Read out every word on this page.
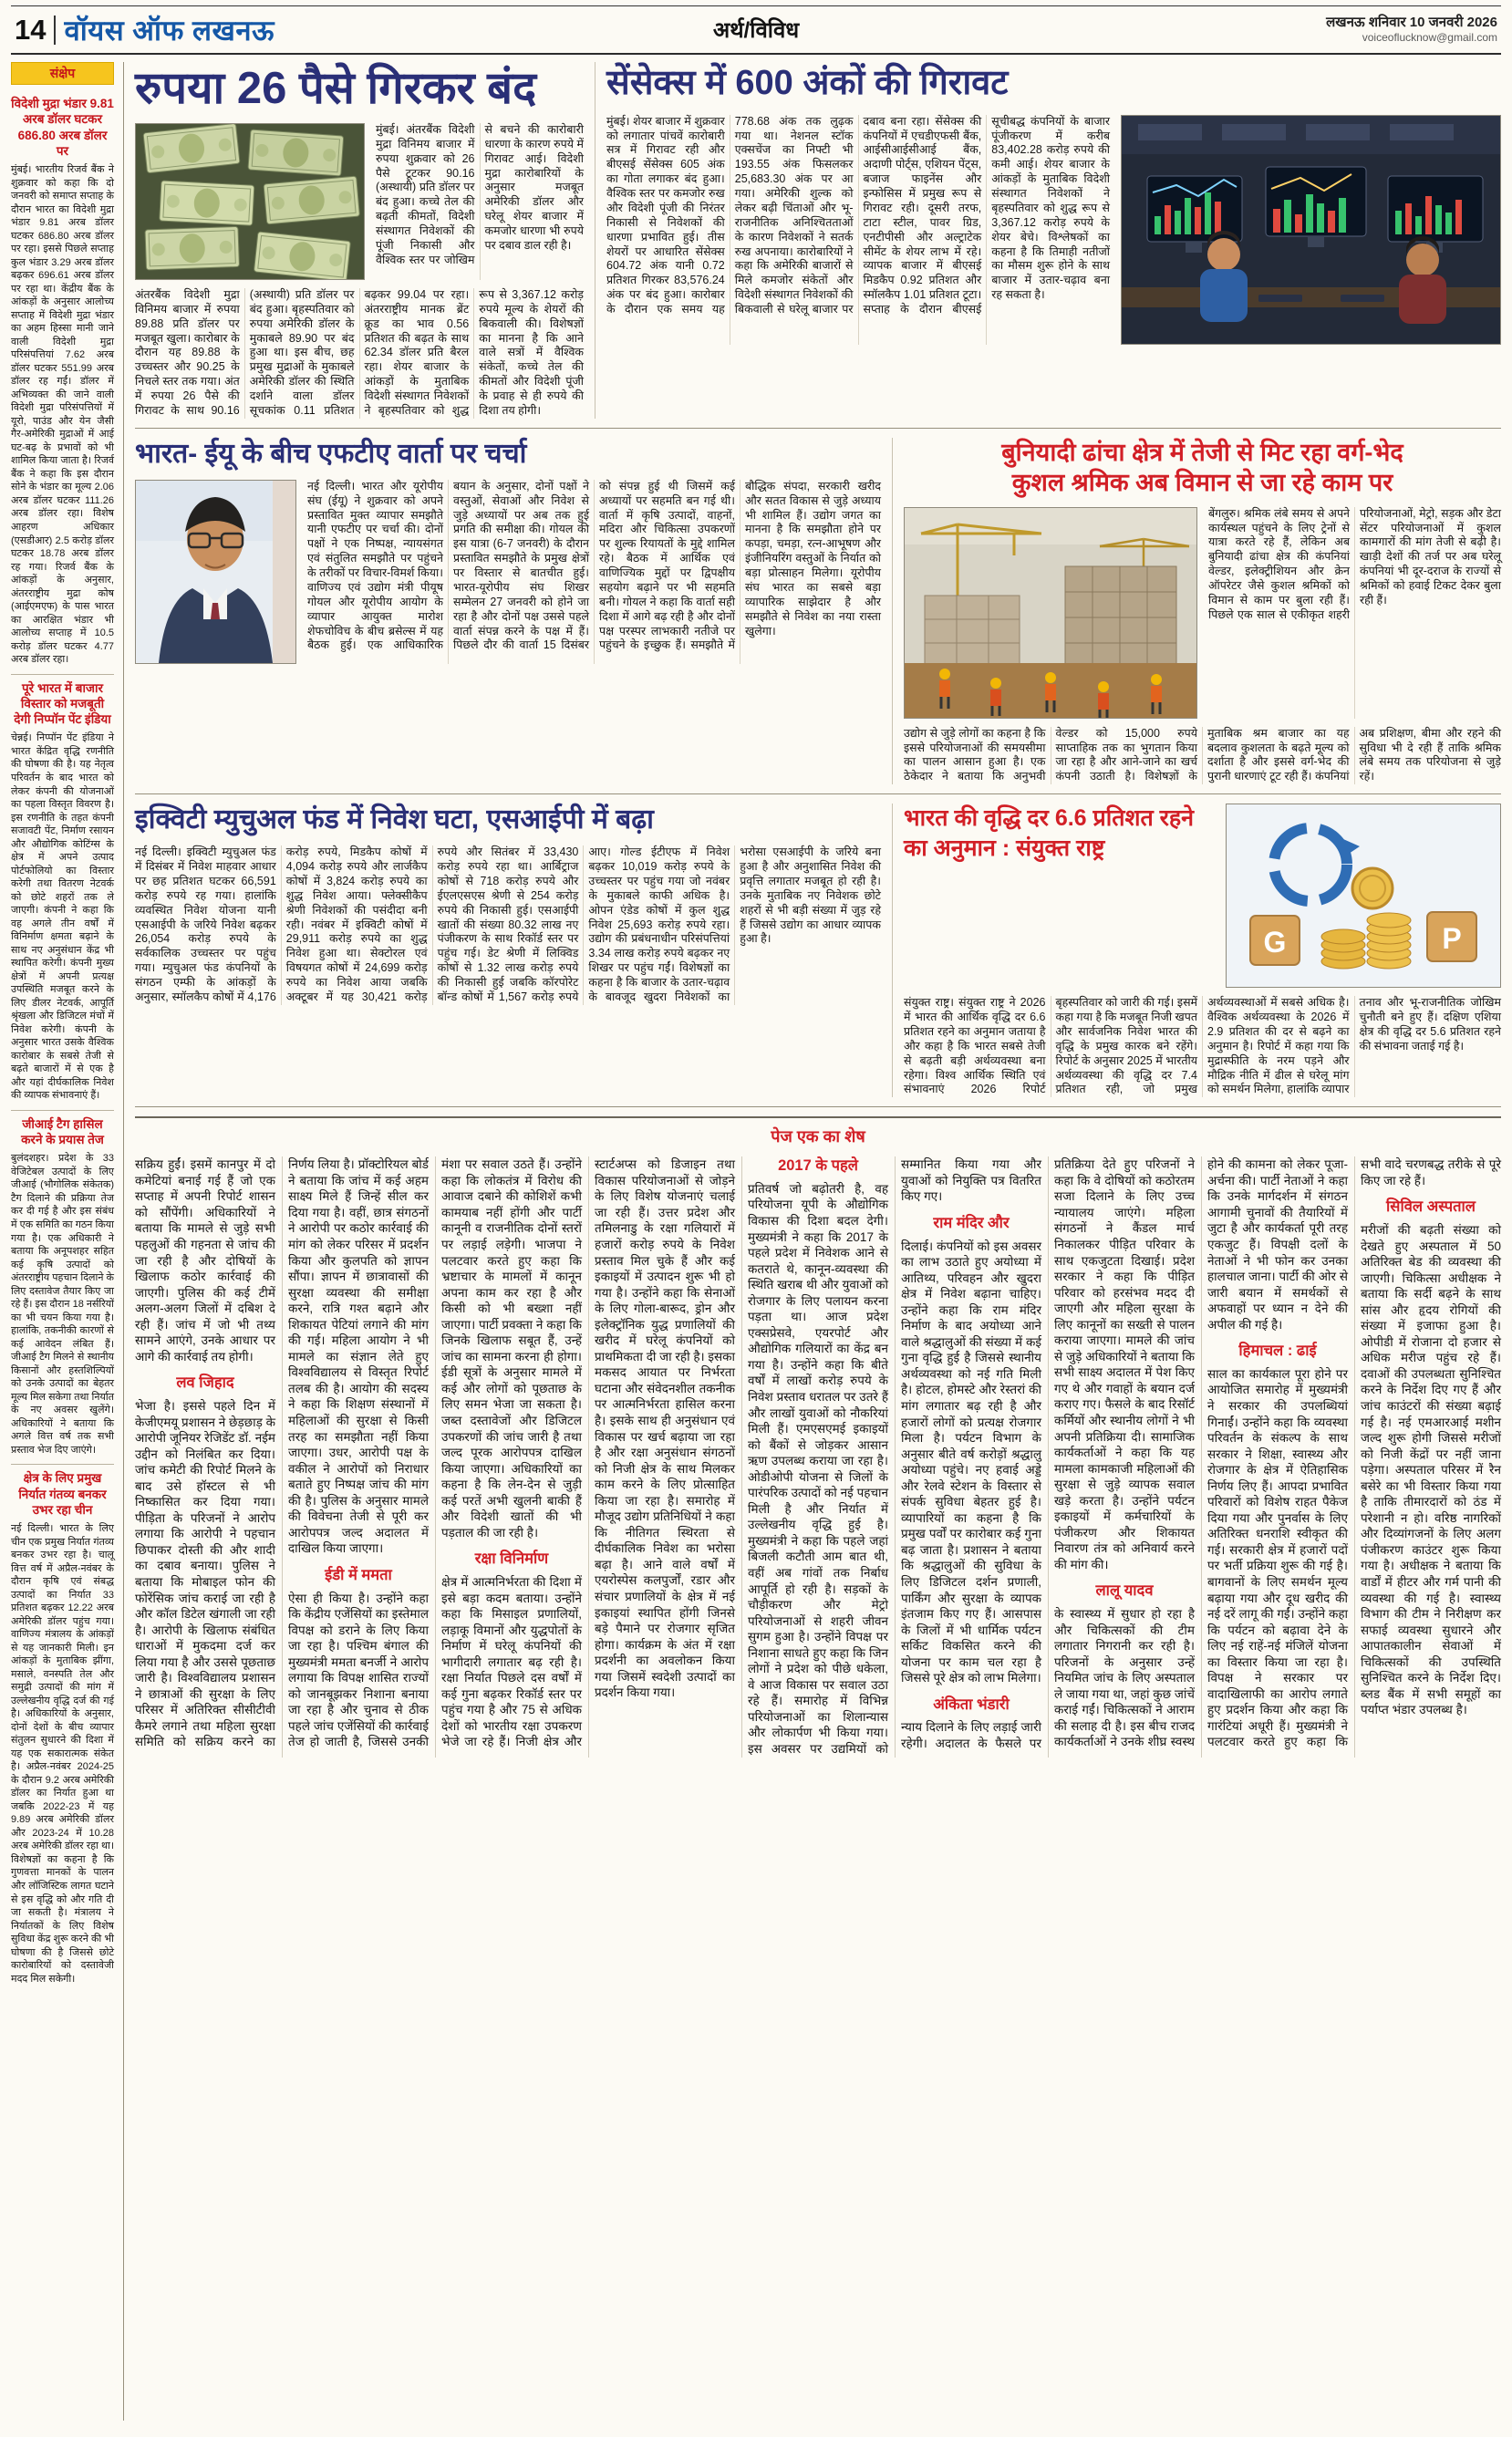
14 वॉयस ऑफ लखनऊ	अर्थ/विविध	लखनऊ शनिवार 10 जनवरी 2026
voiceoflucknow@gmail.com
संक्षेप
विदेशी मुद्रा भंडार 9.81 अरब डॉलर घटकर 686.80 अरब डॉलर पर

मुंबई। भारतीय रिजर्व बैंक ने शुक्रवार को कहा कि दो जनवरी को समाप्त सप्ताह के दौरान भारत का विदेशी मुद्रा भंडार 9.81 अरब डॉलर घटकर 686.80 अरब डॉलर पर रहा। इससे पिछले सप्ताह कुल भंडार 3.29 अरब डॉलर बढ़कर 696.61 अरब डॉलर पर रहा था। केंद्रीय बैंक के आंकड़ों के अनुसार आलोच्य सप्ताह में विदेशी मुद्रा भंडार का अहम हिस्सा मानी जाने वाली विदेशी मुद्रा परिसंपत्तियां 7.62 अरब डॉलर घटकर 551.99 अरब डॉलर रह गईं। डॉलर में अभिव्यक्त की जाने वाली विदेशी मुद्रा परिसंपत्तियों में यूरो, पाउंड और येन जैसी गैर-अमेरिकी मुद्राओं में आई घट-बढ़ के प्रभावों को भी शामिल किया जाता है। रिजर्व बैंक ने कहा कि इस दौरान सोने के भंडार का मूल्य 2.06 अरब डॉलर घटकर 111.26 अरब डॉलर रहा। विशेष आहरण अधिकार (एसडीआर) 2.5 करोड़ डॉलर घटकर 18.78 अरब डॉलर रह गया। रिजर्व बैंक के आंकड़ों के अनुसार, अंतरराष्ट्रीय मुद्रा कोष (आईएमएफ) के पास भारत का आरक्षित भंडार भी आलोच्य सप्ताह में 10.5 करोड़ डॉलर घटकर 4.77 अरब डॉलर रहा।

पूरे भारत में बाजार विस्तार को मजबूती देगी निप्पॉन पेंट इंडिया

चेन्नई। निप्पॉन पेंट इंडिया ने भारत केंद्रित वृद्धि रणनीति की घोषणा की है। यह नेतृत्व परिवर्तन के बाद भारत को लेकर कंपनी की योजनाओं का पहला विस्तृत विवरण है। इस रणनीति के तहत कंपनी सजावटी पेंट, निर्माण रसायन और औद्योगिक कोटिंग्स के क्षेत्र में अपने उत्पाद पोर्टफोलियो का विस्तार करेगी तथा वितरण नेटवर्क को छोटे शहरों तक ले जाएगी। कंपनी ने कहा कि वह अगले तीन वर्षों में विनिर्माण क्षमता बढ़ाने के साथ नए अनुसंधान केंद्र भी स्थापित करेगी। कंपनी मुख्य क्षेत्रों में अपनी प्रत्यक्ष उपस्थिति मजबूत करने के लिए डीलर नेटवर्क, आपूर्ति श्रृंखला और डिजिटल मंचों में निवेश करेगी। कंपनी के अनुसार भारत उसके वैश्विक कारोबार के सबसे तेजी से बढ़ते बाजारों में से एक है और यहां दीर्घकालिक निवेश की व्यापक संभावनाएं हैं।

जीआई टैग हासिल करने के प्रयास तेज

बुलंदशहर। प्रदेश के 33 वेजिटेबल उत्पादों के लिए जीआई (भौगोलिक संकेतक) टैग दिलाने की प्रक्रिया तेज कर दी गई है और इस संबंध में एक समिति का गठन किया गया है। एक अधिकारी ने बताया कि अनूपशहर सहित कई कृषि उत्पादों को अंतरराष्ट्रीय पहचान दिलाने के लिए दस्तावेज तैयार किए जा रहे हैं। इस दौरान 18 नर्सरियों का भी चयन किया गया है। हालांकि, तकनीकी कारणों से कई आवेदन लंबित हैं। जीआई टैग मिलने से स्थानीय किसानों और हस्तशिल्पियों को उनके उत्पादों का बेहतर मूल्य मिल सकेगा तथा निर्यात के नए अवसर खुलेंगे। अधिकारियों ने बताया कि अगले वित्त वर्ष तक सभी प्रस्ताव भेज दिए जाएंगे।

क्षेत्र के लिए प्रमुख निर्यात गंतव्य बनकर उभर रहा चीन

नई दिल्ली। भारत के लिए चीन एक प्रमुख निर्यात गंतव्य बनकर उभर रहा है। चालू वित्त वर्ष में अप्रैल-नवंबर के दौरान कृषि एवं संबद्ध उत्पादों का निर्यात 33 प्रतिशत बढ़कर 12.22 अरब अमेरिकी डॉलर पहुंच गया। वाणिज्य मंत्रालय के आंकड़ों से यह जानकारी मिली। इन आंकड़ों के मुताबिक झींगा, मसाले, वनस्पति तेल और समुद्री उत्पादों की मांग में उल्लेखनीय वृद्धि दर्ज की गई है। अधिकारियों के अनुसार, दोनों देशों के बीच व्यापार संतुलन सुधारने की दिशा में यह एक सकारात्मक संकेत है। अप्रैल-नवंबर 2024-25 के दौरान 9.2 अरब अमेरिकी डॉलर का निर्यात हुआ था जबकि 2022-23 में यह 9.89 अरब अमेरिकी डॉलर और 2023-24 में 10.28 अरब अमेरिकी डॉलर रहा था। विशेषज्ञों का कहना है कि गुणवत्ता मानकों के पालन और लॉजिस्टिक लागत घटाने से इस वृद्धि को और गति दी जा सकती है। मंत्रालय ने निर्यातकों के लिए विशेष सुविधा केंद्र शुरू करने की भी घोषणा की है जिससे छोटे कारोबारियों को दस्तावेजी मदद मिल सकेगी।

रुपया 26 पैसे गिरकर बंद
मुंबई। अंतरबैंक विदेशी मुद्रा विनिमय बाजार में रुपया शुक्रवार को 26 पैसे टूटकर 90.16 (अस्थायी) प्रति डॉलर पर बंद हुआ। कच्चे तेल की बढ़ती कीमतों, विदेशी संस्थागत निवेशकों की पूंजी निकासी और वैश्विक स्तर पर जोखिम से बचने की कारोबारी धारणा के कारण रुपये में गिरावट आई। विदेशी मुद्रा कारोबारियों के अनुसार मजबूत अमेरिकी डॉलर और घरेलू शेयर बाजार में कमजोर धारणा भी रुपये पर दबाव डाल रही है।
अंतरबैंक विदेशी मुद्रा विनिमय बाजार में रुपया 89.88 प्रति डॉलर पर मजबूत खुला। कारोबार के दौरान यह 89.88 के उच्चस्तर और 90.25 के निचले स्तर तक गया। अंत में रुपया 26 पैसे की गिरावट के साथ 90.16 (अस्थायी) प्रति डॉलर पर बंद हुआ। बृहस्पतिवार को रुपया अमेरिकी डॉलर के मुकाबले 89.90 पर बंद हुआ था। इस बीच, छह प्रमुख मुद्राओं के मुकाबले अमेरिकी डॉलर की स्थिति दर्शाने वाला डॉलर सूचकांक 0.11 प्रतिशत बढ़कर 99.04 पर रहा। अंतरराष्ट्रीय मानक ब्रेंट क्रूड का भाव 0.56 प्रतिशत की बढ़त के साथ 62.34 डॉलर प्रति बैरल रहा। शेयर बाजार के आंकड़ों के मुताबिक विदेशी संस्थागत निवेशकों ने बृहस्पतिवार को शुद्ध रूप से 3,367.12 करोड़ रुपये मूल्य के शेयरों की बिकवाली की। विशेषज्ञों का मानना है कि आने वाले सत्रों में वैश्विक संकेतों, कच्चे तेल की कीमतों और विदेशी पूंजी के प्रवाह से ही रुपये की दिशा तय होगी।
सेंसेक्स में 600 अंकों की गिरावट
मुंबई। शेयर बाजार में शुक्रवार को लगातार पांचवें कारोबारी सत्र में गिरावट रही और बीएसई सेंसेक्स 605 अंक का गोता लगाकर बंद हुआ। वैश्विक स्तर पर कमजोर रुख और विदेशी पूंजी की निरंतर निकासी से निवेशकों की धारणा प्रभावित हुई। तीस शेयरों पर आधारित सेंसेक्स 604.72 अंक यानी 0.72 प्रतिशत गिरकर 83,576.24 अंक पर बंद हुआ। कारोबार के दौरान एक समय यह 778.68 अंक तक लुढ़क गया था। नेशनल स्टॉक एक्सचेंज का निफ्टी भी 193.55 अंक फिसलकर 25,683.30 अंक पर आ गया। अमेरिकी शुल्क को लेकर बढ़ी चिंताओं और भू-राजनीतिक अनिश्चितताओं के कारण निवेशकों ने सतर्क रुख अपनाया। कारोबारियों ने कहा कि अमेरिकी बाजारों से मिले कमजोर संकेतों और विदेशी संस्थागत निवेशकों की बिकवाली से घरेलू बाजार पर दबाव बना रहा। सेंसेक्स की कंपनियों में एचडीएफसी बैंक, आईसीआईसीआई बैंक, अदाणी पोर्ट्स, एशियन पेंट्स, बजाज फाइनेंस और इन्फोसिस में प्रमुख रूप से गिरावट रही। दूसरी तरफ, टाटा स्टील, पावर ग्रिड, एनटीपीसी और अल्ट्राटेक सीमेंट के शेयर लाभ में रहे। व्यापक बाजार में बीएसई मिडकैप 0.92 प्रतिशत और स्मॉलकैप 1.01 प्रतिशत टूटा। सप्ताह के दौरान बीएसई सूचीबद्ध कंपनियों के बाजार पूंजीकरण में करीब 83,402.28 करोड़ रुपये की कमी आई। शेयर बाजार के आंकड़ों के मुताबिक विदेशी संस्थागत निवेशकों ने बृहस्पतिवार को शुद्ध रूप से 3,367.12 करोड़ रुपये के शेयर बेचे। विश्लेषकों का कहना है कि तिमाही नतीजों का मौसम शुरू होने के साथ बाजार में उतार-चढ़ाव बना रह सकता है।
भारत- ईयू के बीच एफटीए वार्ता पर चर्चा
नई दिल्ली। भारत और यूरोपीय संघ (ईयू) ने शुक्रवार को अपने प्रस्तावित मुक्त व्यापार समझौते यानी एफटीए पर चर्चा की। दोनों पक्षों ने एक निष्पक्ष, न्यायसंगत एवं संतुलित समझौते पर पहुंचने के तरीकों पर विचार-विमर्श किया। वाणिज्य एवं उद्योग मंत्री पीयूष गोयल और यूरोपीय आयोग के व्यापार आयुक्त मारोश शेफचोविच के बीच ब्रसेल्स में यह बैठक हुई। एक आधिकारिक बयान के अनुसार, दोनों पक्षों ने वस्तुओं, सेवाओं और निवेश से जुड़े अध्यायों पर अब तक हुई प्रगति की समीक्षा की। गोयल की इस यात्रा (6-7 जनवरी) के दौरान प्रस्तावित समझौते के प्रमुख क्षेत्रों पर विस्तार से बातचीत हुई। भारत-यूरोपीय संघ शिखर सम्मेलन 27 जनवरी को होने जा रहा है और दोनों पक्ष उससे पहले वार्ता संपन्न करने के पक्ष में हैं। पिछले दौर की वार्ता 15 दिसंबर को संपन्न हुई थी जिसमें कई अध्यायों पर सहमति बन गई थी। वार्ता में कृषि उत्पादों, वाहनों, मदिरा और चिकित्सा उपकरणों पर शुल्क रियायतों के मुद्दे शामिल रहे। बैठक में आर्थिक एवं वाणिज्यिक मुद्दों पर द्विपक्षीय सहयोग बढ़ाने पर भी सहमति बनी। गोयल ने कहा कि वार्ता सही दिशा में आगे बढ़ रही है और दोनों पक्ष परस्पर लाभकारी नतीजे पर पहुंचने के इच्छुक हैं। समझौते में बौद्धिक संपदा, सरकारी खरीद और सतत विकास से जुड़े अध्याय भी शामिल हैं। उद्योग जगत का मानना है कि समझौता होने पर कपड़ा, चमड़ा, रत्न-आभूषण और इंजीनियरिंग वस्तुओं के निर्यात को बड़ा प्रोत्साहन मिलेगा। यूरोपीय संघ भारत का सबसे बड़ा व्यापारिक साझेदार है और समझौते से निवेश का नया रास्ता खुलेगा।
बुनियादी ढांचा क्षेत्र में तेजी से मिट रहा वर्ग-भेद
कुशल श्रमिक अब विमान से जा रहे काम पर
बेंगलुरु। श्रमिक लंबे समय से अपने कार्यस्थल पहुंचने के लिए ट्रेनों से यात्रा करते रहे हैं, लेकिन अब बुनियादी ढांचा क्षेत्र की कंपनियां वेल्डर, इलेक्ट्रीशियन और क्रेन ऑपरेटर जैसे कुशल श्रमिकों को विमान से काम पर बुला रही हैं। पिछले एक साल से एकीकृत शहरी परियोजनाओं, मेट्रो, सड़क और डेटा सेंटर परियोजनाओं में कुशल कामगारों की मांग तेजी से बढ़ी है। खाड़ी देशों की तर्ज पर अब घरेलू कंपनियां भी दूर-दराज के राज्यों से श्रमिकों को हवाई टिकट देकर बुला रही हैं।
उद्योग से जुड़े लोगों का कहना है कि इससे परियोजनाओं की समयसीमा का पालन आसान हुआ है। एक ठेकेदार ने बताया कि अनुभवी वेल्डर को 15,000 रुपये साप्ताहिक तक का भुगतान किया जा रहा है और आने-जाने का खर्च कंपनी उठाती है। विशेषज्ञों के मुताबिक श्रम बाजार का यह बदलाव कुशलता के बढ़ते मूल्य को दर्शाता है और इससे वर्ग-भेद की पुरानी धारणाएं टूट रही हैं। कंपनियां अब प्रशिक्षण, बीमा और रहने की सुविधा भी दे रही हैं ताकि श्रमिक लंबे समय तक परियोजना से जुड़े रहें।
इक्विटी म्युचुअल फंड में निवेश घटा, एसआईपी में बढ़ा
नई दिल्ली। इक्विटी म्युचुअल फंड में दिसंबर में निवेश माहवार आधार पर छह प्रतिशत घटकर 66,591 करोड़ रुपये रह गया। हालांकि व्यवस्थित निवेश योजना यानी एसआईपी के जरिये निवेश बढ़कर 26,054 करोड़ रुपये के सर्वकालिक उच्चस्तर पर पहुंच गया। म्युचुअल फंड कंपनियों के संगठन एम्फी के आंकड़ों के अनुसार, स्मॉलकैप कोषों में 4,176 करोड़ रुपये, मिडकैप कोषों में 4,094 करोड़ रुपये और लार्जकैप कोषों में 3,824 करोड़ रुपये का शुद्ध निवेश आया। फ्लेक्सीकैप श्रेणी निवेशकों की पसंदीदा बनी रही। नवंबर में इक्विटी कोषों में 29,911 करोड़ रुपये का शुद्ध निवेश हुआ था। सेक्टोरल एवं विषयगत कोषों में 24,699 करोड़ रुपये का निवेश आया जबकि अक्टूबर में यह 30,421 करोड़ रुपये और सितंबर में 33,430 करोड़ रुपये रहा था। आर्बिट्राज कोषों से 718 करोड़ रुपये और ईएलएसएस श्रेणी से 254 करोड़ रुपये की निकासी हुई। एसआईपी खातों की संख्या 80.32 लाख नए पंजीकरण के साथ रिकॉर्ड स्तर पर पहुंच गई। डेट श्रेणी में लिक्विड कोषों से 1.32 लाख करोड़ रुपये की निकासी हुई जबकि कॉरपोरेट बॉन्ड कोषों में 1,567 करोड़ रुपये आए। गोल्ड ईटीएफ में निवेश बढ़कर 10,019 करोड़ रुपये के उच्चस्तर पर पहुंच गया जो नवंबर के मुकाबले काफी अधिक है। ओपन एंडेड कोषों में कुल शुद्ध निवेश 25,693 करोड़ रुपये रहा। उद्योग की प्रबंधनाधीन परिसंपत्तियां 3.34 लाख करोड़ रुपये बढ़कर नए शिखर पर पहुंच गईं। विशेषज्ञों का कहना है कि बाजार के उतार-चढ़ाव के बावजूद खुदरा निवेशकों का भरोसा एसआईपी के जरिये बना हुआ है और अनुशासित निवेश की प्रवृत्ति लगातार मजबूत हो रही है। उनके मुताबिक नए निवेशक छोटे शहरों से भी बड़ी संख्या में जुड़ रहे हैं जिससे उद्योग का आधार व्यापक हुआ है।
भारत की वृद्धि दर 6.6 प्रतिशत रहने का अनुमान : संयुक्त राष्ट्र
G	P
संयुक्त राष्ट्र। संयुक्त राष्ट्र ने 2026 में भारत की आर्थिक वृद्धि दर 6.6 प्रतिशत रहने का अनुमान जताया है और कहा है कि भारत सबसे तेजी से बढ़ती बड़ी अर्थव्यवस्था बना रहेगा। विश्व आर्थिक स्थिति एवं संभावनाएं 2026 रिपोर्ट बृहस्पतिवार को जारी की गई। इसमें कहा गया है कि मजबूत निजी खपत और सार्वजनिक निवेश भारत की वृद्धि के प्रमुख कारक बने रहेंगे। रिपोर्ट के अनुसार 2025 में भारतीय अर्थव्यवस्था की वृद्धि दर 7.4 प्रतिशत रही, जो प्रमुख अर्थव्यवस्थाओं में सबसे अधिक है। वैश्विक अर्थव्यवस्था के 2026 में 2.9 प्रतिशत की दर से बढ़ने का अनुमान है। रिपोर्ट में कहा गया कि मुद्रास्फीति के नरम पड़ने और मौद्रिक नीति में ढील से घरेलू मांग को समर्थन मिलेगा, हालांकि व्यापार तनाव और भू-राजनीतिक जोखिम चुनौती बने हुए हैं। दक्षिण एशिया क्षेत्र की वृद्धि दर 5.6 प्रतिशत रहने की संभावना जताई गई है।
पेज एक का शेष

सक्रिय हुईं। इसमें कानपुर में दो कमेटियां बनाई गई हैं जो एक सप्ताह में अपनी रिपोर्ट शासन को सौंपेंगी। अधिकारियों ने बताया कि मामले से जुड़े सभी पहलुओं की गहनता से जांच की जा रही है और दोषियों के खिलाफ कठोर कार्रवाई की जाएगी। पुलिस की कई टीमें अलग-अलग जिलों में दबिश दे रही हैं। जांच में जो भी तथ्य सामने आएंगे, उनके आधार पर आगे की कार्रवाई तय होगी।

लव जिहाद

भेजा है। इससे पहले दिन में केजीएमयू प्रशासन ने छेड़छाड़ के आरोपी जूनियर रेजिडेंट डॉ. नईम उद्दीन को निलंबित कर दिया। जांच कमेटी की रिपोर्ट मिलने के बाद उसे हॉस्टल से भी निष्कासित कर दिया गया। पीड़िता के परिजनों ने आरोप लगाया कि आरोपी ने पहचान छिपाकर दोस्ती की और शादी का दबाव बनाया। पुलिस ने बताया कि मोबाइल फोन की फोरेंसिक जांच कराई जा रही है और कॉल डिटेल खंगाली जा रही है। आरोपी के खिलाफ संबंधित धाराओं में मुकदमा दर्ज कर लिया गया है और उससे पूछताछ जारी है। विश्वविद्यालय प्रशासन ने छात्राओं की सुरक्षा के लिए परिसर में अतिरिक्त सीसीटीवी कैमरे लगाने तथा महिला सुरक्षा समिति को सक्रिय करने का निर्णय लिया है। प्रॉक्टोरियल बोर्ड ने बताया कि जांच में कई अहम साक्ष्य मिले हैं जिन्हें सील कर दिया गया है। वहीं, छात्र संगठनों ने आरोपी पर कठोर कार्रवाई की मांग को लेकर परिसर में प्रदर्शन किया और कुलपति को ज्ञापन सौंपा। ज्ञापन में छात्रावासों की सुरक्षा व्यवस्था की समीक्षा करने, रात्रि गश्त बढ़ाने और शिकायत पेटियां लगाने की मांग की गई। महिला आयोग ने भी मामले का संज्ञान लेते हुए विश्वविद्यालय से विस्तृत रिपोर्ट तलब की है। आयोग की सदस्य ने कहा कि शिक्षण संस्थानों में महिलाओं की सुरक्षा से किसी तरह का समझौता नहीं किया जाएगा। उधर, आरोपी पक्ष के वकील ने आरोपों को निराधार बताते हुए निष्पक्ष जांच की मांग की है। पुलिस के अनुसार मामले की विवेचना तेजी से पूरी कर आरोपपत्र जल्द अदालत में दाखिल किया जाएगा।

ईडी में ममता

ऐसा ही किया है। उन्होंने कहा कि केंद्रीय एजेंसियों का इस्तेमाल विपक्ष को डराने के लिए किया जा रहा है। पश्चिम बंगाल की मुख्यमंत्री ममता बनर्जी ने आरोप लगाया कि विपक्ष शासित राज्यों को जानबूझकर निशाना बनाया जा रहा है और चुनाव से ठीक पहले जांच एजेंसियों की कार्रवाई तेज हो जाती है, जिससे उनकी मंशा पर सवाल उठते हैं। उन्होंने कहा कि लोकतंत्र में विरोध की आवाज दबाने की कोशिशें कभी कामयाब नहीं होंगी और पार्टी कानूनी व राजनीतिक दोनों स्तरों पर लड़ाई लड़ेगी। भाजपा ने पलटवार करते हुए कहा कि भ्रष्टाचार के मामलों में कानून अपना काम कर रहा है और किसी को भी बख्शा नहीं जाएगा। पार्टी प्रवक्ता ने कहा कि जिनके खिलाफ सबूत हैं, उन्हें जांच का सामना करना ही होगा। ईडी सूत्रों के अनुसार मामले में कई और लोगों को पूछताछ के लिए समन भेजा जा सकता है। जब्त दस्तावेजों और डिजिटल उपकरणों की जांच जारी है तथा जल्द पूरक आरोपपत्र दाखिल किया जाएगा। अधिकारियों का कहना है कि लेन-देन से जुड़ी कई परतें अभी खुलनी बाकी हैं और विदेशी खातों की भी पड़ताल की जा रही है।

रक्षा विनिर्माण

क्षेत्र में आत्मनिर्भरता की दिशा में इसे बड़ा कदम बताया। उन्होंने कहा कि मिसाइल प्रणालियों, लड़ाकू विमानों और युद्धपोतों के निर्माण में घरेलू कंपनियों की भागीदारी लगातार बढ़ रही है। रक्षा निर्यात पिछले दस वर्षों में कई गुना बढ़कर रिकॉर्ड स्तर पर पहुंच गया है और 75 से अधिक देशों को भारतीय रक्षा उपकरण भेजे जा रहे हैं। निजी क्षेत्र और स्टार्टअप्स को डिजाइन तथा विकास परियोजनाओं से जोड़ने के लिए विशेष योजनाएं चलाई जा रही हैं। उत्तर प्रदेश और तमिलनाडु के रक्षा गलियारों में हजारों करोड़ रुपये के निवेश प्रस्ताव मिल चुके हैं और कई इकाइयों में उत्पादन शुरू भी हो गया है। उन्होंने कहा कि सेनाओं के लिए गोला-बारूद, ड्रोन और इलेक्ट्रॉनिक युद्ध प्रणालियों की खरीद में घरेलू कंपनियों को प्राथमिकता दी जा रही है। इसका मकसद आयात पर निर्भरता घटाना और संवेदनशील तकनीक पर आत्मनिर्भरता हासिल करना है। इसके साथ ही अनुसंधान एवं विकास पर खर्च बढ़ाया जा रहा है और रक्षा अनुसंधान संगठनों को निजी क्षेत्र के साथ मिलकर काम करने के लिए प्रोत्साहित किया जा रहा है। समारोह में मौजूद उद्योग प्रतिनिधियों ने कहा कि नीतिगत स्थिरता से दीर्घकालिक निवेश का भरोसा बढ़ा है। आने वाले वर्षों में एयरोस्पेस कलपुर्जों, रडार और संचार प्रणालियों के क्षेत्र में नई इकाइयां स्थापित होंगी जिनसे बड़े पैमाने पर रोजगार सृजित होगा। कार्यक्रम के अंत में रक्षा प्रदर्शनी का अवलोकन किया गया जिसमें स्वदेशी उत्पादों का प्रदर्शन किया गया।

2017 के पहले

प्रतिवर्ष जो बढ़ोतरी है, वह परियोजना यूपी के औद्योगिक विकास की दिशा बदल देगी। मुख्यमंत्री ने कहा कि 2017 के पहले प्रदेश में निवेशक आने से कतराते थे, कानून-व्यवस्था की स्थिति खराब थी और युवाओं को रोजगार के लिए पलायन करना पड़ता था। आज प्रदेश एक्सप्रेसवे, एयरपोर्ट और औद्योगिक गलियारों का केंद्र बन गया है। उन्होंने कहा कि बीते वर्षों में लाखों करोड़ रुपये के निवेश प्रस्ताव धरातल पर उतरे हैं और लाखों युवाओं को नौकरियां मिली हैं। एमएसएमई इकाइयों को बैंकों से जोड़कर आसान ऋण उपलब्ध कराया जा रहा है। ओडीओपी योजना से जिलों के पारंपरिक उत्पादों को नई पहचान मिली है और निर्यात में उल्लेखनीय वृद्धि हुई है। मुख्यमंत्री ने कहा कि पहले जहां बिजली कटौती आम बात थी, वहीं अब गांवों तक निर्बाध आपूर्ति हो रही है। सड़कों के चौड़ीकरण और मेट्रो परियोजनाओं से शहरी जीवन सुगम हुआ है। उन्होंने विपक्ष पर निशाना साधते हुए कहा कि जिन लोगों ने प्रदेश को पीछे धकेला, वे आज विकास पर सवाल उठा रहे हैं। समारोह में विभिन्न परियोजनाओं का शिलान्यास और लोकार्पण भी किया गया। इस अवसर पर उद्यमियों को सम्मानित किया गया और युवाओं को नियुक्ति पत्र वितरित किए गए।

राम मंदिर और

दिलाई। कंपनियों को इस अवसर का लाभ उठाते हुए अयोध्या में आतिथ्य, परिवहन और खुदरा क्षेत्र में निवेश बढ़ाना चाहिए। उन्होंने कहा कि राम मंदिर निर्माण के बाद अयोध्या आने वाले श्रद्धालुओं की संख्या में कई गुना वृद्धि हुई है जिससे स्थानीय अर्थव्यवस्था को नई गति मिली है। होटल, होमस्टे और रेस्तरां की मांग लगातार बढ़ रही है और हजारों लोगों को प्रत्यक्ष रोजगार मिला है। पर्यटन विभाग के अनुसार बीते वर्ष करोड़ों श्रद्धालु अयोध्या पहुंचे। नए हवाई अड्डे और रेलवे स्टेशन के विस्तार से संपर्क सुविधा बेहतर हुई है। व्यापारियों का कहना है कि प्रमुख पर्वों पर कारोबार कई गुना बढ़ जाता है। प्रशासन ने बताया कि श्रद्धालुओं की सुविधा के लिए डिजिटल दर्शन प्रणाली, पार्किंग और सुरक्षा के व्यापक इंतजाम किए गए हैं। आसपास के जिलों में भी धार्मिक पर्यटन सर्किट विकसित करने की योजना पर काम चल रहा है जिससे पूरे क्षेत्र को लाभ मिलेगा।

अंकिता भंडारी

न्याय दिलाने के लिए लड़ाई जारी रहेगी। अदालत के फैसले पर प्रतिक्रिया देते हुए परिजनों ने कहा कि वे दोषियों को कठोरतम सजा दिलाने के लिए उच्च न्यायालय जाएंगे। महिला संगठनों ने कैंडल मार्च निकालकर पीड़ित परिवार के साथ एकजुटता दिखाई। प्रदेश सरकार ने कहा कि पीड़ित परिवार को हरसंभव मदद दी जाएगी और महिला सुरक्षा के लिए कानूनों का सख्ती से पालन कराया जाएगा। मामले की जांच से जुड़े अधिकारियों ने बताया कि सभी साक्ष्य अदालत में पेश किए गए थे और गवाहों के बयान दर्ज कराए गए। फैसले के बाद रिसॉर्ट कर्मियों और स्थानीय लोगों ने भी अपनी प्रतिक्रिया दी। सामाजिक कार्यकर्ताओं ने कहा कि यह मामला कामकाजी महिलाओं की सुरक्षा से जुड़े व्यापक सवाल खड़े करता है। उन्होंने पर्यटन इकाइयों में कर्मचारियों के पंजीकरण और शिकायत निवारण तंत्र को अनिवार्य करने की मांग की।

लालू यादव

के स्वास्थ्य में सुधार हो रहा है और चिकित्सकों की टीम लगातार निगरानी कर रही है। परिजनों के अनुसार उन्हें नियमित जांच के लिए अस्पताल ले जाया गया था, जहां कुछ जांचें कराई गईं। चिकित्सकों ने आराम की सलाह दी है। इस बीच राजद कार्यकर्ताओं ने उनके शीघ्र स्वस्थ होने की कामना को लेकर पूजा-अर्चना की। पार्टी नेताओं ने कहा कि उनके मार्गदर्शन में संगठन आगामी चुनावों की तैयारियों में जुटा है और कार्यकर्ता पूरी तरह एकजुट हैं। विपक्षी दलों के नेताओं ने भी फोन कर उनका हालचाल जाना। पार्टी की ओर से जारी बयान में समर्थकों से अफवाहों पर ध्यान न देने की अपील की गई है।

हिमाचल : ढाई

साल का कार्यकाल पूरा होने पर आयोजित समारोह में मुख्यमंत्री ने सरकार की उपलब्धियां गिनाईं। उन्होंने कहा कि व्यवस्था परिवर्तन के संकल्प के साथ सरकार ने शिक्षा, स्वास्थ्य और रोजगार के क्षेत्र में ऐतिहासिक निर्णय लिए हैं। आपदा प्रभावित परिवारों को विशेष राहत पैकेज दिया गया और पुनर्वास के लिए अतिरिक्त धनराशि स्वीकृत की गई। सरकारी क्षेत्र में हजारों पदों पर भर्ती प्रक्रिया शुरू की गई है। बागवानों के लिए समर्थन मूल्य बढ़ाया गया और दूध खरीद की नई दरें लागू की गईं। उन्होंने कहा कि पर्यटन को बढ़ावा देने के लिए नई राहें-नई मंजिलें योजना का विस्तार किया जा रहा है। विपक्ष ने सरकार पर वादाखिलाफी का आरोप लगाते हुए प्रदर्शन किया और कहा कि गारंटियां अधूरी हैं। मुख्यमंत्री ने पलटवार करते हुए कहा कि सभी वादे चरणबद्ध तरीके से पूरे किए जा रहे हैं।

सिविल अस्पताल

मरीजों की बढ़ती संख्या को देखते हुए अस्पताल में 50 अतिरिक्त बेड की व्यवस्था की जाएगी। चिकित्सा अधीक्षक ने बताया कि सर्दी बढ़ने के साथ सांस और हृदय रोगियों की संख्या में इजाफा हुआ है। ओपीडी में रोजाना दो हजार से अधिक मरीज पहुंच रहे हैं। दवाओं की उपलब्धता सुनिश्चित करने के निर्देश दिए गए हैं और जांच काउंटरों की संख्या बढ़ाई गई है। नई एमआरआई मशीन जल्द शुरू होगी जिससे मरीजों को निजी केंद्रों पर नहीं जाना पड़ेगा। अस्पताल परिसर में रैन बसेरे का भी विस्तार किया गया है ताकि तीमारदारों को ठंड में परेशानी न हो। वरिष्ठ नागरिकों और दिव्यांगजनों के लिए अलग पंजीकरण काउंटर शुरू किया गया है। अधीक्षक ने बताया कि वार्डों में हीटर और गर्म पानी की व्यवस्था की गई है। स्वास्थ्य विभाग की टीम ने निरीक्षण कर सफाई व्यवस्था सुधारने और आपातकालीन सेवाओं में चिकित्सकों की उपस्थिति सुनिश्चित करने के निर्देश दिए। ब्लड बैंक में सभी समूहों का पर्याप्त भंडार उपलब्ध है।
